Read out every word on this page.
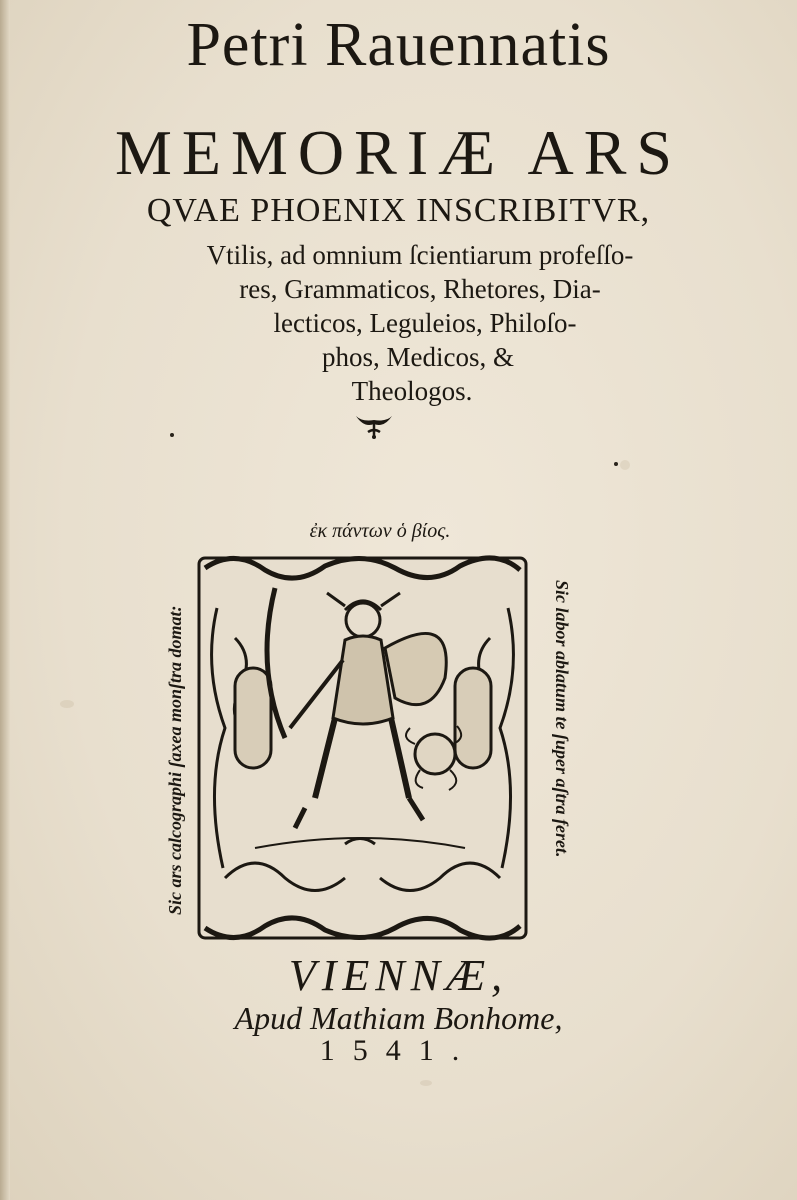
Petri Rauennatis
MEMORIÆ ARS
QVAE PHOENIX INSCRIBITVR,
Vtilis, ad omnium ſcientiarum profeſſo-
res, Grammaticos, Rhetores, Dia-
lecticos, Leguleios, Philoſo-
phos, Medicos, &
Theologos.
ἐκ πάντων ὁ βίος.
Sic ars calcographi ſaxea monſtra domat:	Sic labor ablatum te ſuper aſtra feret.
VIENNÆ,
Apud Mathiam Bonhome,
1541.
